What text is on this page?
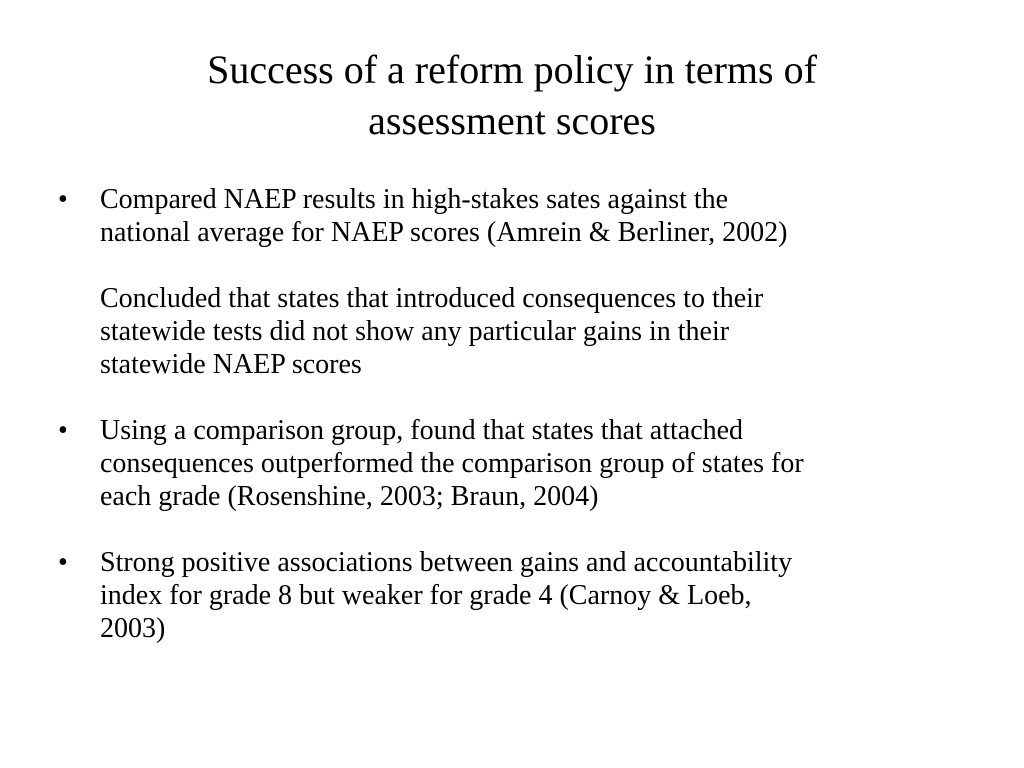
Success of a reform policy in terms of
assessment scores
•	Compared NAEP results in high-stakes sates against the
national average for NAEP scores (Amrein & Berliner, 2002)
Concluded that states that introduced consequences to their
statewide tests did not show any particular gains in their
statewide NAEP scores
•	Using a comparison group, found that states that attached
consequences outperformed the comparison group of states for
each grade (Rosenshine, 2003; Braun, 2004)
•	Strong positive associations between gains and accountability
index for grade 8 but weaker for grade 4 (Carnoy & Loeb,
2003)
